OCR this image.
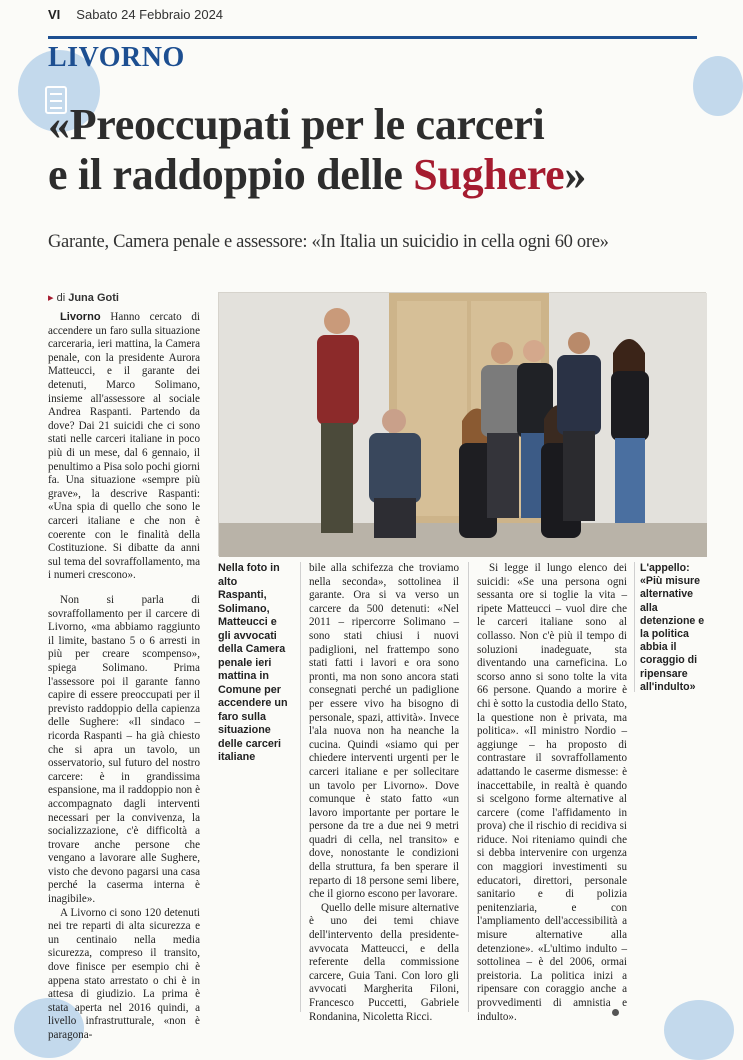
VI Sabato 24 Febbraio 2024
LIVORNO
«Preoccupati per le carceri
e il raddoppio delle Sughere»
Garante, Camera penale e assessore: «In Italia un suicidio in cella ogni 60 ore»
▸ di Juna Goti

Livorno Hanno cercato di accendere un faro sulla situazione carceraria, ieri mattina, la Camera penale, con la presidente Aurora Matteucci, e il garante dei detenuti, Marco Solimano, insieme all'assessore al sociale Andrea Raspanti. Partendo da dove? Dai 21 suicidi che ci sono stati nelle carceri italiane in poco più di un mese, dal 6 gennaio, il penultimo a Pisa solo pochi giorni fa. Una situazione «sempre più grave», la descrive Raspanti: «Una spia di quello che sono le carceri italiane e che non è coerente con le finalità della Costituzione. Si dibatte da anni sul tema del sovraffollamento, ma i numeri crescono».

Non si parla di sovraffollamento per il carcere di Livorno, «ma abbiamo raggiunto il limite, bastano 5 o 6 arresti in più per creare scompenso», spiega Solimano. Prima l'assessore poi il garante fanno capire di essere preoccupati per il previsto raddoppio della capienza delle Sughere: «Il sindaco – ricorda Raspanti – ha già chiesto che si apra un tavolo, un osservatorio, sul futuro del nostro carcere: è in grandissima espansione, ma il raddoppio non è accompagnato dagli interventi necessari per la convivenza, la socializzazione, c'è difficoltà a trovare anche persone che vengano a lavorare alle Sughere, visto che devono pagarsi una casa perché la caserma interna è inagibile».

A Livorno ci sono 120 detenuti nei tre reparti di alta sicurezza e un centinaio nella media sicurezza, compreso il transito, dove finisce per esempio chi è appena stato arrestato o chi è in attesa di giudizio. La prima è stata aperta nel 2016 quindi, a livello infrastrutturale, «non è paragona-

Nella foto in alto Raspanti, Solimano, Matteucci e gli avvocati della Camera penale ieri mattina in Comune per accendere un faro sulla situazione delle carceri italiane

bile alla schifezza che troviamo nella seconda», sottolinea il garante. Ora si va verso un carcere da 500 detenuti: «Nel 2011 – ripercorre Solimano – sono stati chiusi i nuovi padiglioni, nel frattempo sono stati fatti i lavori e ora sono pronti, ma non sono ancora stati consegnati perché un padiglione per essere vivo ha bisogno di personale, spazi, attività». Invece l'ala nuova non ha neanche la cucina. Quindi «siamo qui per chiedere interventi urgenti per le carceri italiane e per sollecitare un tavolo per Livorno». Dove comunque è stato fatto «un lavoro importante per portare le persone da tre a due nei 9 metri quadri di cella, nel transito» e dove, nonostante le condizioni della struttura, fa ben sperare il reparto di 18 persone semi libere, che il giorno escono per lavorare.

Quello delle misure alternative è uno dei temi chiave dell'intervento della presidente-avvocata Matteucci, e della referente della commissione carcere, Guia Tani. Con loro gli avvocati Margherita Filoni, Francesco Puccetti, Gabriele Rondanina, Nicoletta Ricci.

Si legge il lungo elenco dei suicidi: «Se una persona ogni sessanta ore si toglie la vita – ripete Matteucci – vuol dire che le carceri italiane sono al collasso. Non c'è più il tempo di soluzioni inadeguate, sta diventando una carneficina. Lo scorso anno si sono tolte la vita 66 persone. Quando a morire è chi è sotto la custodia dello Stato, la questione non è privata, ma politica». «Il ministro Nordio – aggiunge – ha proposto di contrastare il sovraffollamento adattando le caserme dismesse: è inaccettabile, in realtà è quando si scelgono forme alternative al carcere (come l'affidamento in prova) che il rischio di recidiva si riduce. Noi riteniamo quindi che si debba intervenire con urgenza con maggiori investimenti su educatori, direttori, personale sanitario e di polizia penitenziaria, e con l'ampliamento dell'accessibilità a misure alternative alla detenzione». «L'ultimo indulto – sottolinea – è del 2006, ormai preistoria. La politica inizi a ripensare con coraggio anche a provvedimenti di amnistia e indulto».

L'appello:
«Più misure alternative alla detenzione e la politica abbia il coraggio di ripensare all'indulto»
